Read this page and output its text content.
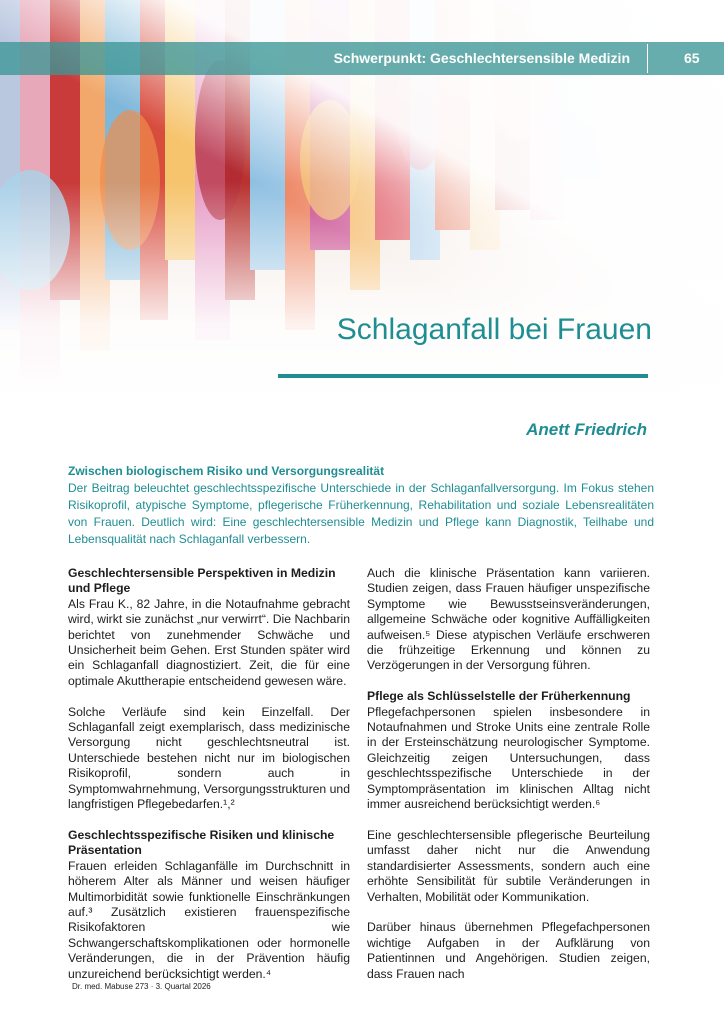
Schwerpunkt: Geschlechtersensible Medizin	65
Schlaganfall bei Frauen
Anett Friedrich
Zwischen biologischem Risiko und Versorgungsrealität
Der Beitrag beleuchtet geschlechtsspezifische Unterschiede in der Schlaganfallversorgung. Im Fokus stehen Risikoprofil, atypische Symptome, pflegerische Früherkennung, Rehabilitation und soziale Lebensrealitäten von Frauen. Deutlich wird: Eine geschlechtersensible Medizin und Pflege kann Diagnostik, Teilhabe und Lebensqualität nach Schlaganfall verbessern.
Geschlechtersensible Perspektiven in Medizin und Pflege

Als Frau K., 82 Jahre, in die Notaufnahme gebracht wird, wirkt sie zunächst „nur verwirrt“. Die Nachbarin berichtet von zunehmender Schwäche und Unsicherheit beim Gehen. Erst Stunden später wird ein Schlaganfall diagnostiziert. Zeit, die für eine optimale Akuttherapie entscheidend gewesen wäre.

Solche Verläufe sind kein Einzelfall. Der Schlaganfall zeigt exemplarisch, dass medizinische Versorgung nicht geschlechtsneutral ist. Unterschiede bestehen nicht nur im biologischen Risikoprofil, sondern auch in Symptomwahrnehmung, Versorgungsstrukturen und langfristigen Pflegebedarfen.¹,²

Geschlechtsspezifische Risiken und klinische Präsentation

Frauen erleiden Schlaganfälle im Durchschnitt in höherem Alter als Männer und weisen häufiger Multimorbidität sowie funktionelle Einschränkungen auf.³ Zusätzlich existieren frauenspezifische Risikofaktoren wie Schwangerschaftskomplikationen oder hormonelle Veränderungen, die in der Prävention häufig unzureichend berücksichtigt werden.⁴

Auch die klinische Präsentation kann variieren. Studien zeigen, dass Frauen häufiger unspezifische Symptome wie Bewusstseinsveränderungen, allgemeine Schwäche oder kognitive Auffälligkeiten aufweisen.⁵ Diese atypischen Verläufe erschweren die frühzeitige Erkennung und können zu Verzögerungen in der Versorgung führen.

Pflege als Schlüsselstelle der Früherkennung

Pflegefachpersonen spielen insbesondere in Notaufnahmen und Stroke Units eine zentrale Rolle in der Ersteinschätzung neurologischer Symptome. Gleichzeitig zeigen Untersuchungen, dass geschlechtsspezifische Unterschiede in der Symptompräsentation im klinischen Alltag nicht immer ausreichend berücksichtigt werden.⁶

Eine geschlechtersensible pflegerische Beurteilung umfasst daher nicht nur die Anwendung standardisierter Assessments, sondern auch eine erhöhte Sensibilität für subtile Veränderungen in Verhalten, Mobilität oder Kommunikation.

Darüber hinaus übernehmen Pflegefachpersonen wichtige Aufgaben in der Aufklärung von Patientinnen und Angehörigen. Studien zeigen, dass Frauen nach

Dr. med. Mabuse 273 · 3. Quartal 2026
